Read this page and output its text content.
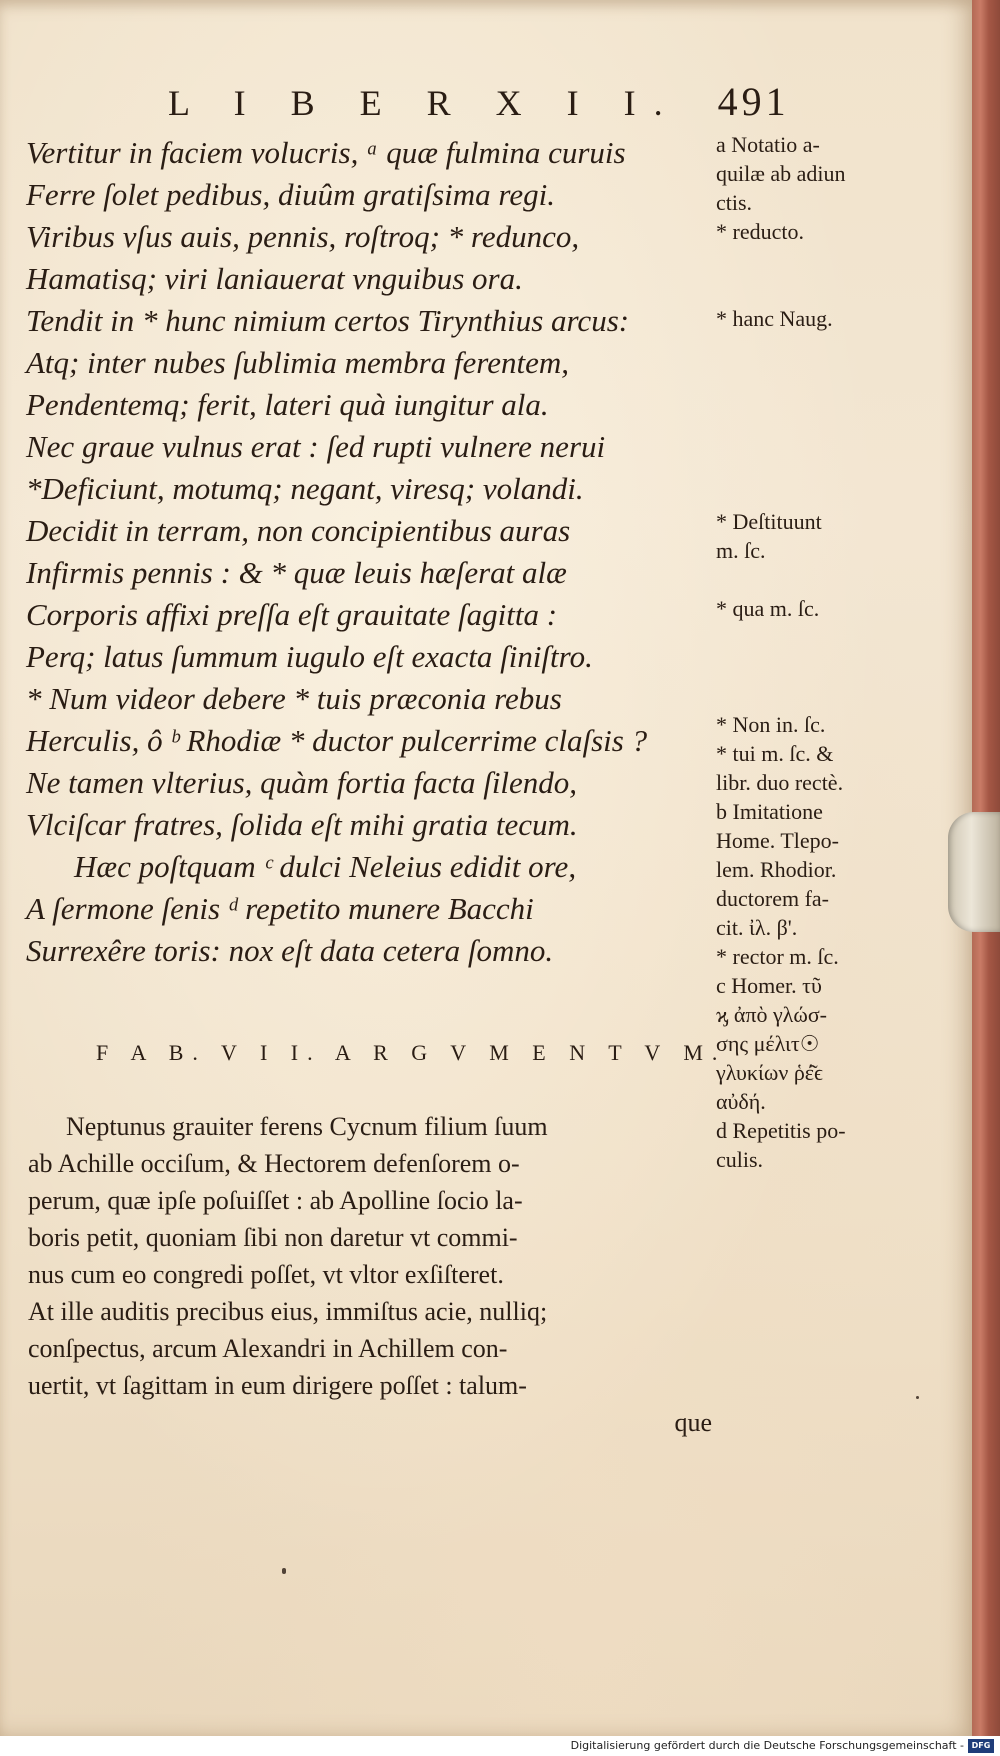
L I B E R X I I. 491
Vertitur in faciem volucris, ᵃ quæ fulmina curuis
Ferre ſolet pedibus, diuûm gratiſsima regi.
Viribus vſus auis, pennis, roſtroq; * redunco,
Hamatisq; viri laniauerat vnguibus ora.
Tendit in * hunc nimium certos Tirynthius arcus:
Atq; inter nubes ſublimia membra ferentem,
Pendentemq; ferit, lateri quà iungitur ala.
Nec graue vulnus erat : ſed rupti vulnere nerui
*Deficiunt, motumq; negant, viresq; volandi.
Decidit in terram, non concipientibus auras
Infirmis pennis : & * quæ leuis hæſerat alæ
Corporis affixi preſſa eſt grauitate ſagitta :
Perq; latus ſummum iugulo eſt exacta ſiniſtro.
* Num videor debere * tuis præconia rebus
Herculis, ô ᵇ Rhodiæ * ductor pulcerrime claſsis ?
Ne tamen vlterius, quàm fortia facta ſilendo,
Vlciſcar fratres, ſolida eſt mihi gratia tecum.
Hæc poſtquam ᶜ dulci Neleius edidit ore,
A ſermone ſenis ᵈ repetito munere Bacchi
Surrexêre toris: nox eſt data cetera ſomno.
a Notatio a-
quilæ ab adiun
ctis.
* reducto.

* hanc Naug.

* Deſtituunt
m. ſc.

* qua m. ſc.

* Non in. ſc.
* tui m. ſc. &
libr. duo rectè.
b Imitatione
Home. Tlepo-
lem. Rhodior.
ductorem fa-
cit. ἰλ. β'.
* rector m. ſc.
c Homer. τῦ
ϗ ἀπὸ γλώσ-
σης μέλιτ☉
γλυκίων ῥέ͂ϵ
αὐδή.
d Repetitis po-
culis.
F A B. V I I. A R G V M E N T V M.
Neptunus grauiter ferens Cycnum filium ſuum
ab Achille occiſum, & Hectorem defenſorem o-
perum, quæ ipſe poſuiſſet : ab Apolline ſocio la-
boris petit, quoniam ſibi non daretur vt commi-
nus cum eo congredi poſſet, vt vltor exſiſteret.
At ille auditis precibus eius, immiſtus acie, nulliq;
conſpectus, arcum Alexandri in Achillem con-
uertit, vt ſagittam in eum dirigere poſſet : talum-
que
Digitalisierung gefördert durch die Deutsche Forschungsgemeinschaft - DFG
